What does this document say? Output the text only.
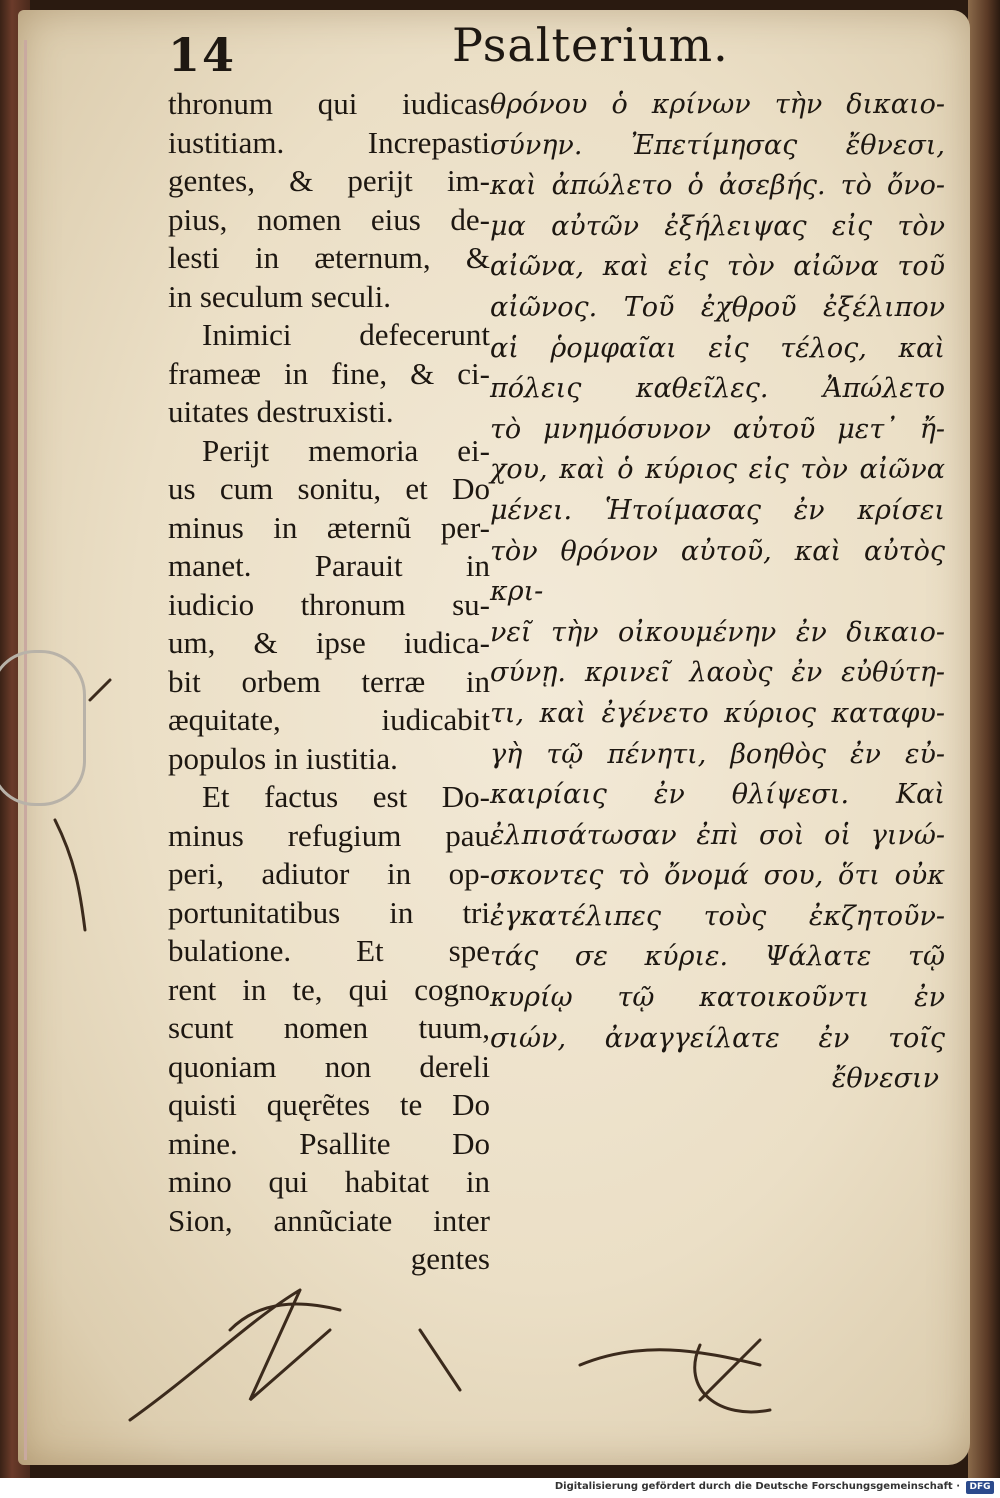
14	Psalterium.

thronum qui iudicas

iustitiam. Increpasti

gentes, & perijt im-

pius, nomen eius de-

lesti in æternum, &

in seculum seculi.

Inimici defecerunt

frameæ in fine, & ci-

uitates destruxisti.

Perijt memoria ei-

us cum sonitu, et Do

minus in æternũ per-

manet. Parauit in

iudicio thronum su-

um, & ipse iudica-

bit orbem terræ in

æquitate, iudicabit

populos in iustitia.

Et factus est Do-

minus refugium pau

peri, adiutor in op-

portunitatibus in tri

bulatione. Et spe

rent in te, qui cogno

scunt nomen tuum,

quoniam non dereli

quisti quęrẽtes te Do

mine. Psallite Do

mino qui habitat in

Sion, annũciate inter

gentes

θρόνου ὁ κρίνων τὴν δικαιο-

σύνην. Ἐπετίμησας ἔθνεσι,

καὶ ἀπώλετο ὁ ἀσεβής. τὸ ὄνο-

μα αὐτῶν ἐξήλειψας εἰς τὸν

αἰῶνα, καὶ εἰς τὸν αἰῶνα τοῦ

αἰῶνος. Τοῦ ἐχθροῦ ἐξέλιπον

αἱ ῥομφαῖαι εἰς τέλος, καὶ

πόλεις καθεῖλες. Ἀπώλετο

τὸ μνημόσυνον αὐτοῦ μετ᾽ ἤ-

χου, καὶ ὁ κύριος εἰς τὸν αἰῶνα

μένει. Ἡτοίμασας ἐν κρίσει

τὸν θρόνον αὐτοῦ, καὶ αὐτὸς κρι-

νεῖ τὴν οἰκουμένην ἐν δικαιο-

σύνῃ. κρινεῖ λαοὺς ἐν εὐθύτη-

τι, καὶ ἐγένετο κύριος καταφυ-

γὴ τῷ πένητι, βοηθὸς ἐν εὐ-

καιρίαις ἐν θλίψεσι. Καὶ

ἐλπισάτωσαν ἐπὶ σοὶ οἱ γινώ-

σκοντες τὸ ὄνομά σου, ὅτι οὐκ

ἐγκατέλιπες τοὺς ἐκζητοῦν-

τάς σε κύριε. Ψάλατε τῷ

κυρίῳ τῷ κατοικοῦντι ἐν

σιών, ἀναγγείλατε ἐν τοῖς

ἔθνεσιν

Digitalisierung gefördert durch die Deutsche Forschungsgemeinschaft ·	DFG
